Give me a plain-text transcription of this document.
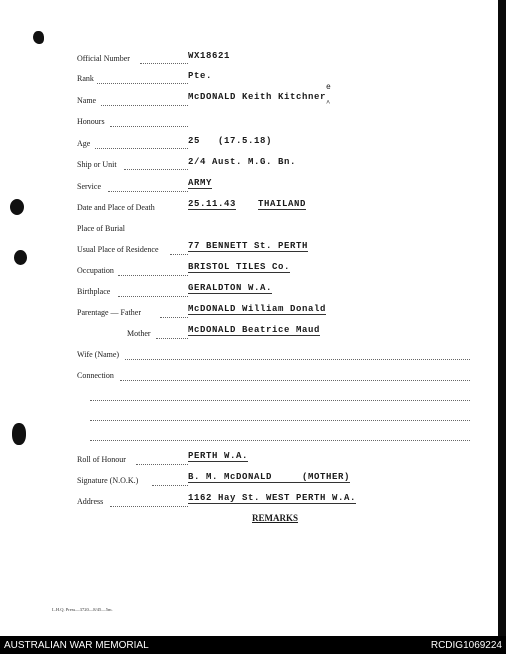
Official Number	WX18621
Rank	Pte.
Name	McDONALD Keith Kitchner
e
^
Honours
Age	25   (17.5.18)
Ship or Unit	2/4 Aust. M.G. Bn.
Service	ARMY
Date and Place of Death	25.11.43 THAILAND
Place of Burial
Usual Place of Residence	77 BENNETT St. PERTH
Occupation	BRISTOL TILES Co.
Birthplace	GERALDTON W.A.
Parentage — Father	McDONALD William Donald
Mother	McDONALD Beatrice Maud
Wife (Name)
Connection
Roll of Honour	PERTH W.A.
Signature (N.O.K.)	B. M. McDONALD     (MOTHER)
Address	1162 Hay St. WEST PERTH W.A.
REMARKS
L.H.Q. Press—3720—8/45—5m.
AUSTRALIAN WAR MEMORIAL	RCDIG1069224
